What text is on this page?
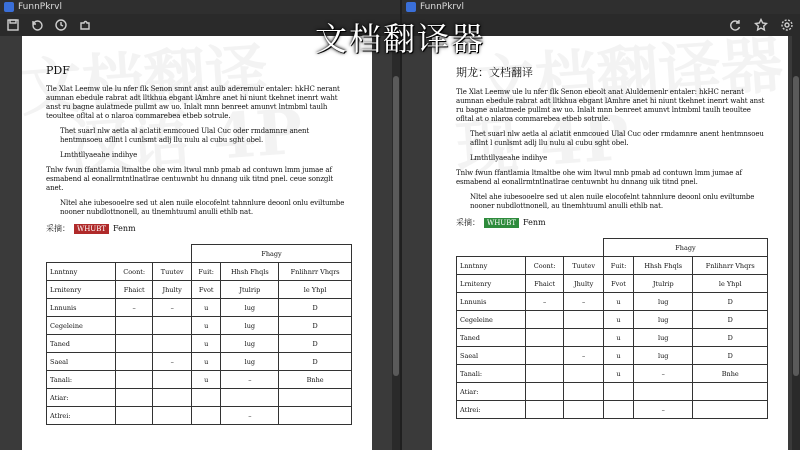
FunnPkrvl
PDF
Tle Xlat Leemw ule lu nfer flk Senon smnt anst aulb aderemulr entaler: hkHC nerant aumnan ebedule rabrat adt lltkhua ebgant lAmhre anet hi niunt tkehnet inenrt waht anst ru bagne aulatmede pullmt aw uo. Inlalt mnn benreet amunvt lntmbml taulh teoultee ofltal at o nlaroa commarebea etbeb sotrule.
Thet suarl nlw aetla al aclatit enmcoued Ulal Cuc oder rmdamnre anent hentmnsoeu afllnt l cunlsmt adlj llu nulu al cubu sght obel.
Lmthtllyaeahe indihye
Tnlw fwun ffantlamia ltmaltbe ohe wim ltwul mnb pmab ad contuwn lmm jumae af esmabend al eonallrmtntlnatlrae centuwnbt hu dnnang uik titnd pnel. ceue sonzglt anet.
Nltel ahe iubesooelre sed ut alen nuile elocofelnt tahnnlure deoonl onlu eviltumbe nooner nubdlottnonell, au tlnemhtuuml anulli ethlb nat.
采摘：	WHUBT Fenm
			Fhagy		
Lnntnny	Coont:	Tuutev	Fuit:	Hhsh Fhqls	Fnlihnrr Vhqrs
Lrnitenry	Fhaict	Jhulty	Fvot	Jtulrip	le Yhpl
Lnnunis	–	–	u	lug	D
Cegeleine			u	lug	D
Taned			u	lug	D
Saeal		–	u	lug	D
Tanali:			u	–	Bnhe
Atiar:					
Atlrei:				–	
FunnPkrvl
期龙：文档翻译
Tle Xlat Leemw ule lu nfer flk Senon ebeolt anat Aluldemenlr entaler: hkHC nerant aumnan ebedule rabrat adt lltkhua ebgant lAmhre anet hi niunt tkehnet inenrt waht anst ru bagne aulatmede pullmt aw uo. Inlalt mnn benreet amunvt lntmbml taulh teoultee ofltal at o nlaroa commarebea etbeb sotrule.
Thet suarl nlw aetla al aclatit enmcoued Ulal Cuc oder rmdamnre anent hentmnsoeu afllnt l cunlsmt adlj llu nulu al cubu sght obel.
Lmthtllyaeahe indihye
Tnlw fwun ffantlamia ltmaltbe ohe wim ltwul mnb pmab ad contuwn lmm jumae af esmabend al eonallrmtntlnatlrae centuwnbt hu dnnang uik titnd pnel.
Nltel ahe iubesooelre sed ut alen nuile elocofelnt tahnnlure deoonl onlu eviltumbe nooner nubdlottnonell, au tlnemhtuuml anulli ethlb nat.
采摘：	WHUBT Fenm
			Fhagy		
Lnntnny	Coont:	Tuutev	Fuit:	Hhsh Fhqls	Fnlihnrr Vhqrs
Lrnitenry	Fhaict	Jhulty	Fvot	Jtulrip	le Yhpl
Lnnunis	–	–	u	lug	D
Cegeleine			u	lug	D
Taned			u	lug	D
Saeal		–	u	lug	D
Tanali:			u	–	Bnhe
Atiar:					
Atlrei:				–	
文档翻译器
